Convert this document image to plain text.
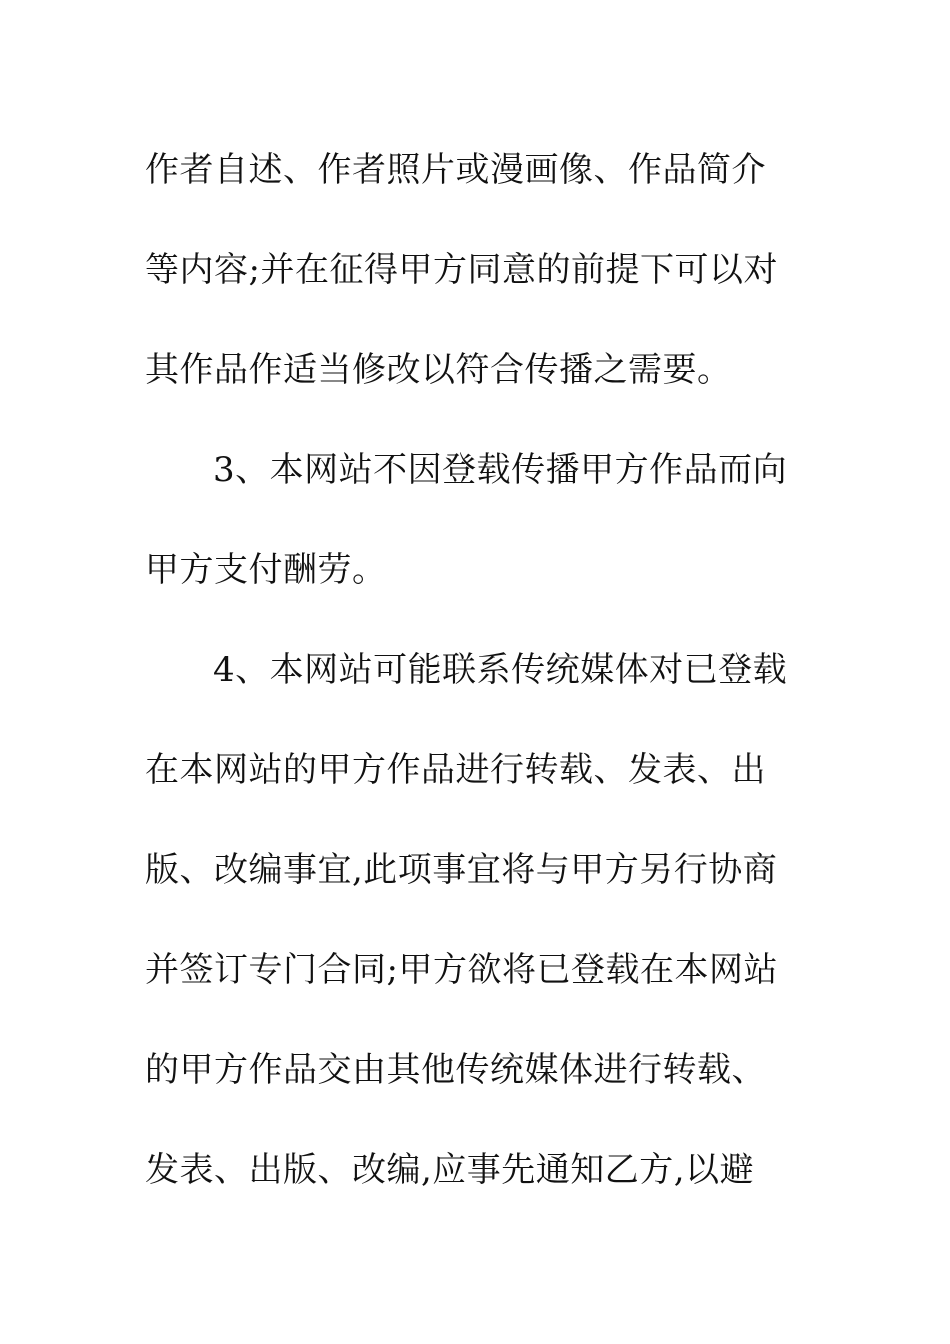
作者自述、作者照片或漫画像、作品简介
等内容;并在征得甲方同意的前提下可以对
其作品作适当修改以符合传播之需要。
3、本网站不因登载传播甲方作品而向
甲方支付酬劳。
4、本网站可能联系传统媒体对已登载
在本网站的甲方作品进行转载、发表、出
版、改编事宜,此项事宜将与甲方另行协商
并签订专门合同;甲方欲将已登载在本网站
的甲方作品交由其他传统媒体进行转载、
发表、出版、改编,应事先通知乙方,以避
